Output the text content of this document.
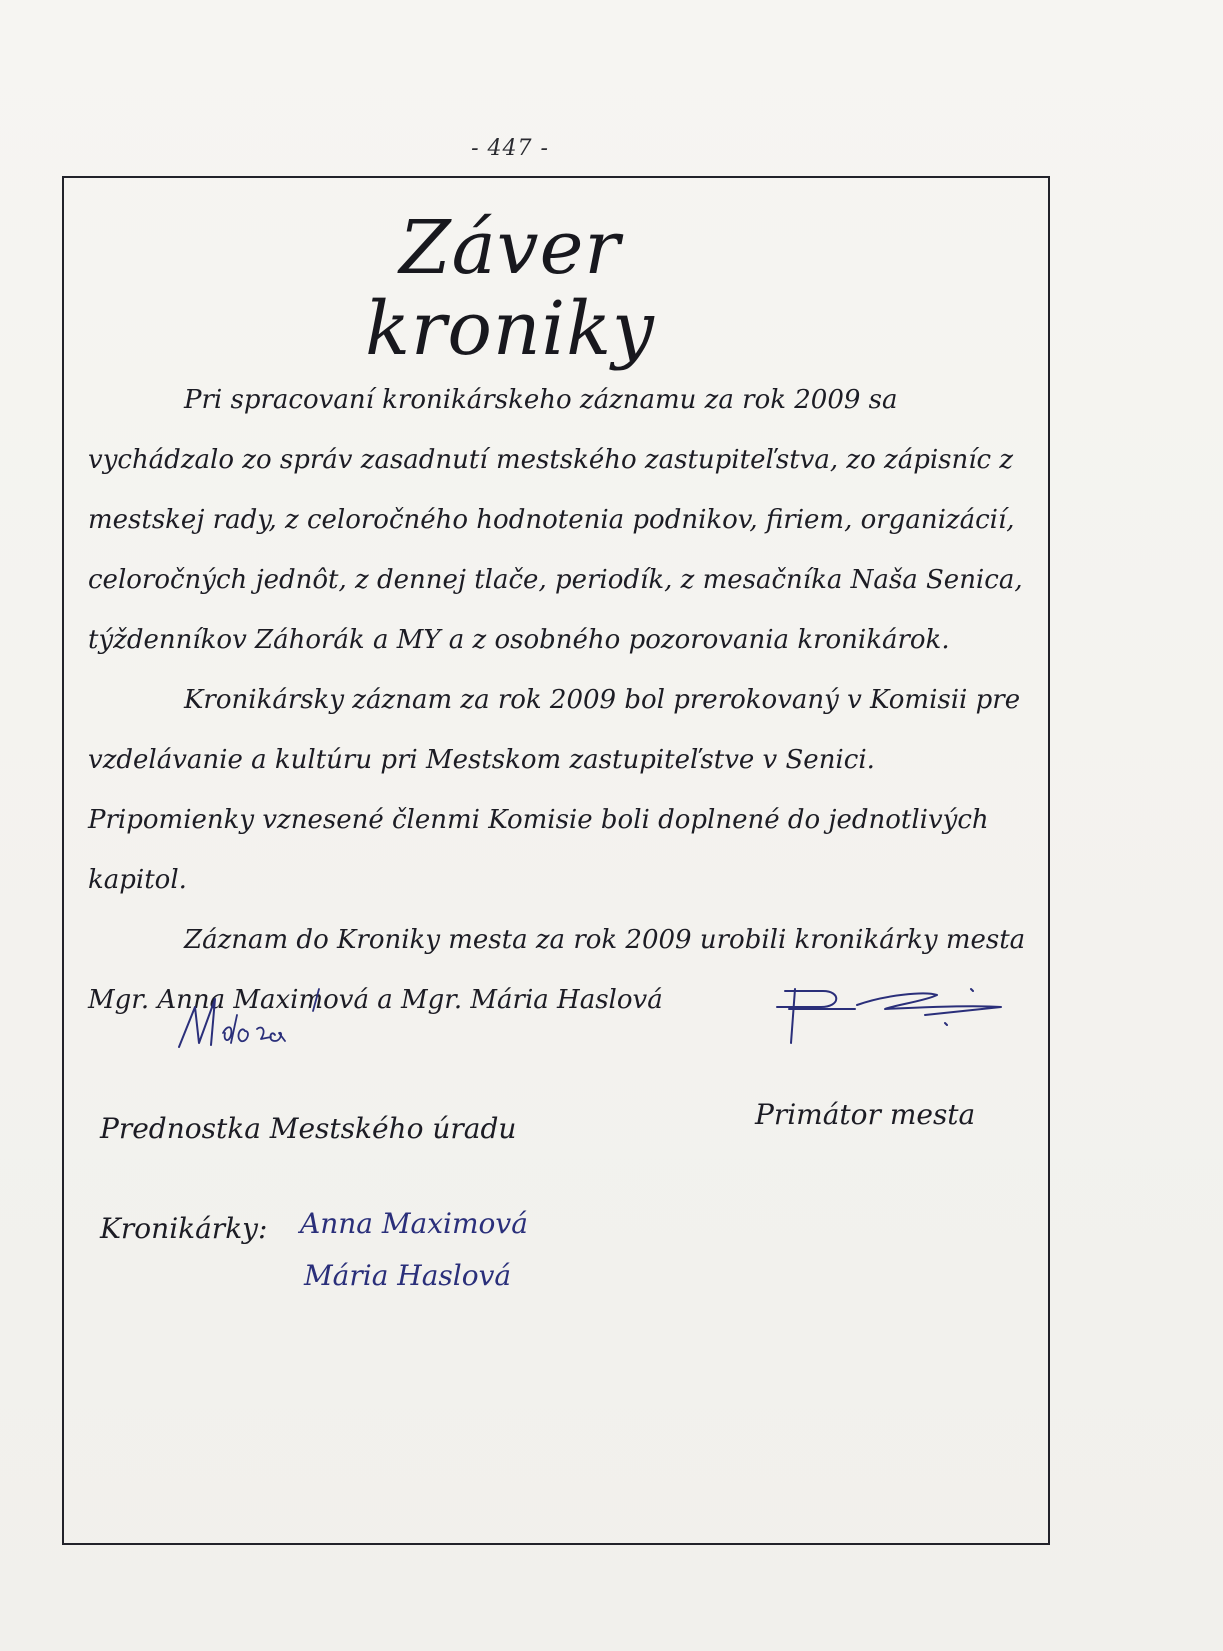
- 447 -
Záver kroniky

Pri spracovaní kronikárskeho záznamu za rok 2009 sa vychádzalo zo správ zasadnutí mestského zastupiteľstva, zo zápisníc z mestskej rady, z celoročného hodnotenia podnikov, firiem, organizácií, celoročných jednôt, z dennej tlače, periodík, z mesačníka Naša Senica, týždenníkov Záhorák a MY a z osobného pozorovania kronikárok.

Kronikársky záznam za rok 2009 bol prerokovaný v Komisii pre vzdelávanie a kultúru pri Mestskom zastupiteľstve v Senici. Pripomienky vznesené členmi Komisie boli doplnené do jednotlivých kapitol.

Záznam do Kroniky mesta za rok 2009 urobili kronikárky mesta Mgr. Anna Maximová a Mgr. Mária Haslová

Prednostka Mestského úradu	Primátor mesta
Kronikárky: Anna Maximová
Mária Haslová
